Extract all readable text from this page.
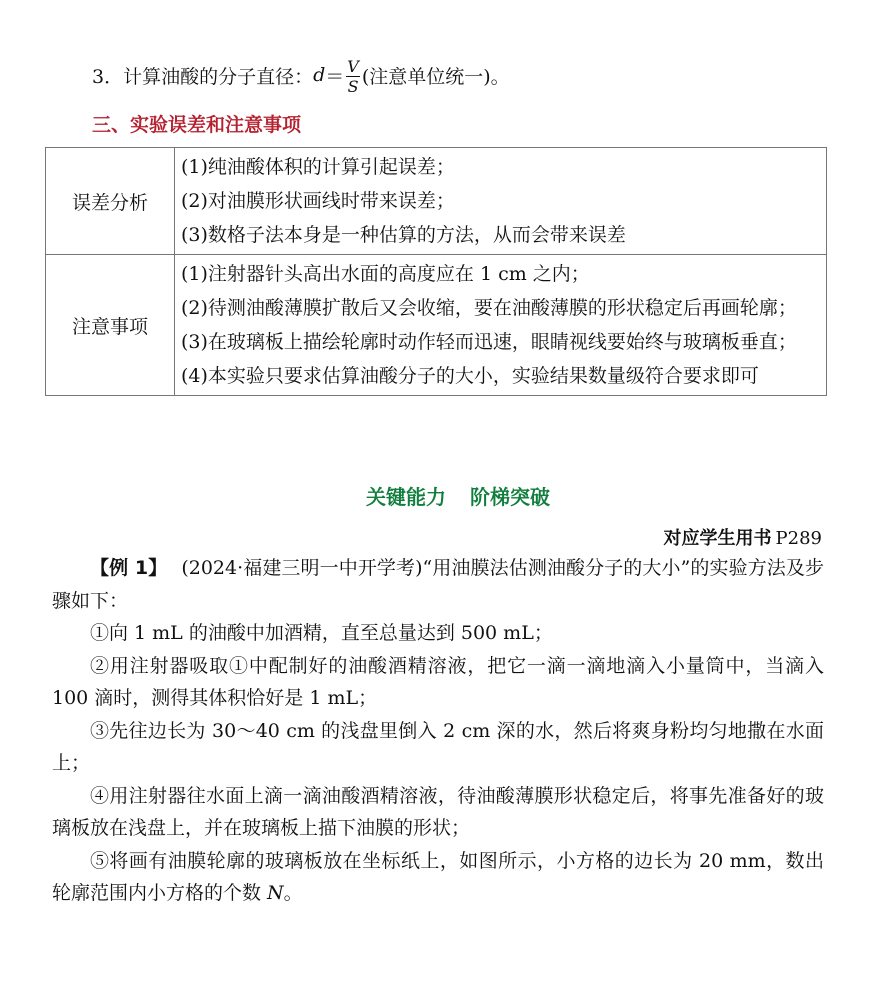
3．计算油酸的分子直径： $d = \frac{V}{S}$ (注意单位统一)。
三、实验误差和注意事项
误差分析	(1)纯油酸体积的计算引起误差；
(2)对油膜形状画线时带来误差；
(3)数格子法本身是一种估算的方法，从而会带来误差

注意事项	(1)注射器针头高出水面的高度应在 1 cm 之内；
(2)待测油酸薄膜扩散后又会收缩，要在油酸薄膜的形状稳定后再画轮廓；
(3)在玻璃板上描绘轮廓时动作轻而迅速，眼睛视线要始终与玻璃板垂直；
(4)本实验只要求估算油酸分子的大小，实验结果数量级符合要求即可
关键能力 阶梯突破
对应学生用书 P289

【例 1】 (2024·福建三明一中开学考)“用油膜法估测油酸分子的大小”的实验方法及步骤如下：

①向 1 mL 的油酸中加酒精，直至总量达到 500 mL；

②用注射器吸取①中配制好的油酸酒精溶液，把它一滴一滴地滴入小量筒中，当滴入 100 滴时，测得其体积恰好是 1 mL；

③先往边长为 30～40 cm 的浅盘里倒入 2 cm 深的水，然后将爽身粉均匀地撒在水面上；

④用注射器往水面上滴一滴油酸酒精溶液，待油酸薄膜形状稳定后，将事先准备好的玻璃板放在浅盘上，并在玻璃板上描下油膜的形状；

⑤将画有油膜轮廓的玻璃板放在坐标纸上，如图所示，小方格的边长为 20 mm，数出轮廓范围内小方格的个数 N。
